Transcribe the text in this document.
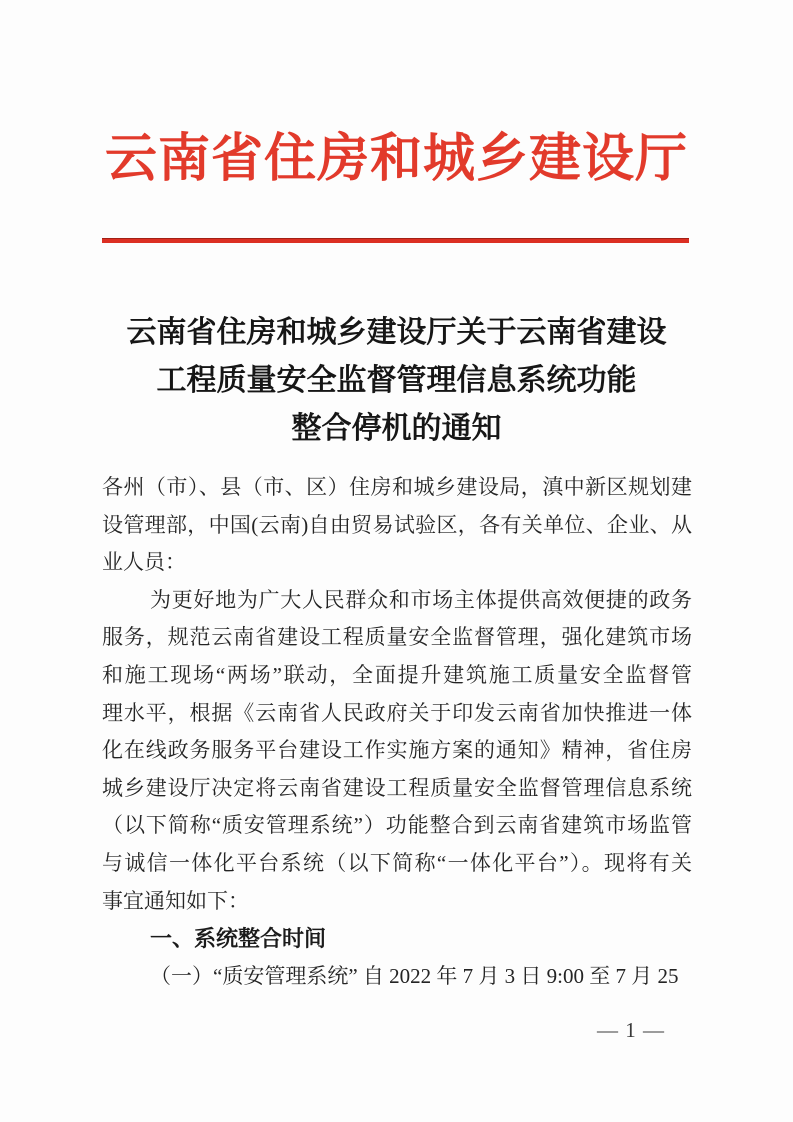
云南省住房和城乡建设厅
云南省住房和城乡建设厅关于云南省建设
工程质量安全监督管理信息系统功能
整合停机的通知
各州（市）、县（市、区）住房和城乡建设局，滇中新区规划建
设管理部，中国(云南)自由贸易试验区，各有关单位、企业、从
业人员：
为更好地为广大人民群众和市场主体提供高效便捷的政务
服务，规范云南省建设工程质量安全监督管理，强化建筑市场
和施工现场“两场”联动，全面提升建筑施工质量安全监督管
理水平，根据《云南省人民政府关于印发云南省加快推进一体
化在线政务服务平台建设工作实施方案的通知》精神，省住房
城乡建设厅决定将云南省建设工程质量安全监督管理信息系统
（以下简称“质安管理系统”）功能整合到云南省建筑市场监管
与诚信一体化平台系统（以下简称“一体化平台”）。现将有关
事宜通知如下：
一、系统整合时间
（一）“质安管理系统” 自 2022 年 7 月 3 日 9:00 至 7 月 25
— 1 —
